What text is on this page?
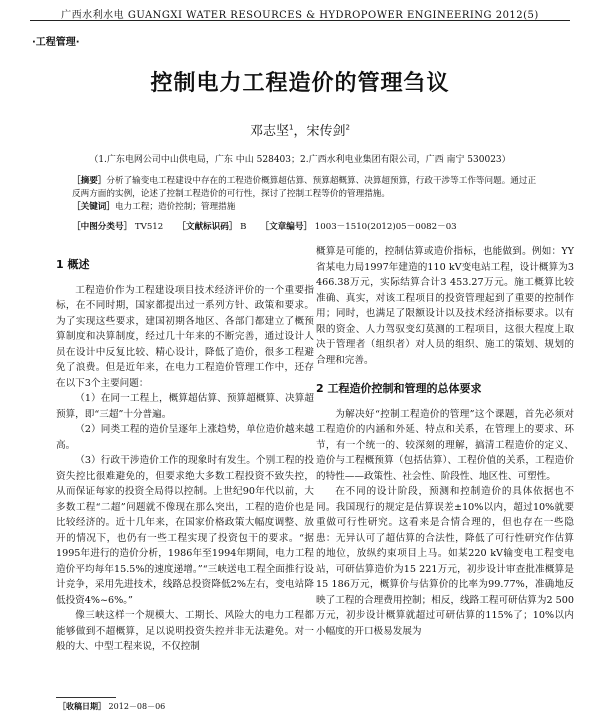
广西水利水电 GUANGXI WATER RESOURCES & HYDROPOWER ENGINEERING 2012(5)
·工程管理·
控制电力工程造价的管理刍议
邓志坚$^1$，宋传剑$^2$
（1.广东电网公司中山供电局，广东 中山 528403；2.广西水利电业集团有限公司，广西 南宁 530023）
［摘要］分析了输变电工程建设中存在的工程造价概算超估算、预算超概算、决算超预算，行政干涉等工作等问题。通过正反两方面的实例，论述了控制工程造价的可行性，探讨了控制工程等价的管理措施。
［关键词］电力工程；造价控制；管理措施
［中图分类号］ TV512 ［文献标识码］ B ［文章编号］ 1003－1510(2012)05－0082－03

1 概述

工程造价作为工程建设项目技术经济评价的一个重要指标，在不同时期，国家都提出过一系列方针、政策和要求。为了实现这些要求，建国初期各地区、各部门都建立了概预算制度和决算制度，经过几十年来的不断完善，通过设计人员在设计中反复比较、精心设计，降低了造价，很多工程避免了浪费。但是近年来，在电力工程造价管理工作中，还存在以下3个主要问题：

（1）在同一工程上，概算超估算、预算超概算、决算超预算，即“三超”十分普遍。

（2）同类工程的造价呈逐年上涨趋势，单位造价越来越高。

（3）行政干涉造价工作的现象时有发生。个别工程的投资失控比很难避免的，但要求绝大多数工程投资不致失控，从而保证每家的投资全局得以控制。上世纪90年代以前，大多数工程“二超”问题就不像现在那么突出，工程的造价也是比较经济的。近十几年来，在国家价格政策大幅度调整、放开的情况下，也仍有一些工程实现了投资包干的要求。“据1995年进行的造价分析，1986年至1994年期间，电力工程造价平均每年15.5%的速度递增。”“三峡送电工程全面推行设计竞争，采用先进技术，线路总投资降低2%左右，变电站降低投资4%~6%。”

像三峡这样一个规模大、工期长、风险大的电力工程都能够做到不超概算，足以说明投资失控并非无法避免。对一般的大、中型工程来说，不仅控制

概算是可能的，控制估算或造价指标，也能做到。例如：YY省某电力局1997年建造的110 kV变电站工程，设计概算为3 466.38万元，实际结算合计3 453.27万元。施工概算比较准确、真实，对该工程项目的投资管理起到了重要的控制作用；同时，也满足了限额设计以及技术经济指标要求。以有限的资金、人力驾驭变幻莫测的工程项目，这很大程度上取决于管理者（组织者）对人员的组织、施工的策划、规划的合理和完善。

2 工程造价控制和管理的总体要求

为解决好“控制工程造价的管理”这个课题，首先必须对工程造价的内涵和外延、特点和关系，在管理上的要求、环节，有一个统一的、较深刻的理解，搞清工程造价的定义、造价与工程概预算（包括估算）、工程价值的关系，工程造价的特性——政策性、社会性、阶段性、地区性、可塑性。

在不同的设计阶段，预测和控制造价的具体依据也不同。我国现行的规定是估算误差±10%以内，超过10%就要重做可行性研究。这看来是合情合理的，但也存在一些隐患：无异认可了超估算的合法性，降低了可行性研究作估算的地位，放纵约束项目上马。如某220 kV输变电工程变电站，可研估算造价为15 221万元，初步设计审查批准概算是15 186万元，概算价与估算价的比率为99.77%，准确地反映了工程的合理费用控制；相反，线路工程可研估算为2 500万元，初步设计概算就超过可研估算的115%了；10%以内小幅度的开口极易发展为

［收稿日期］ 2012－08－06
